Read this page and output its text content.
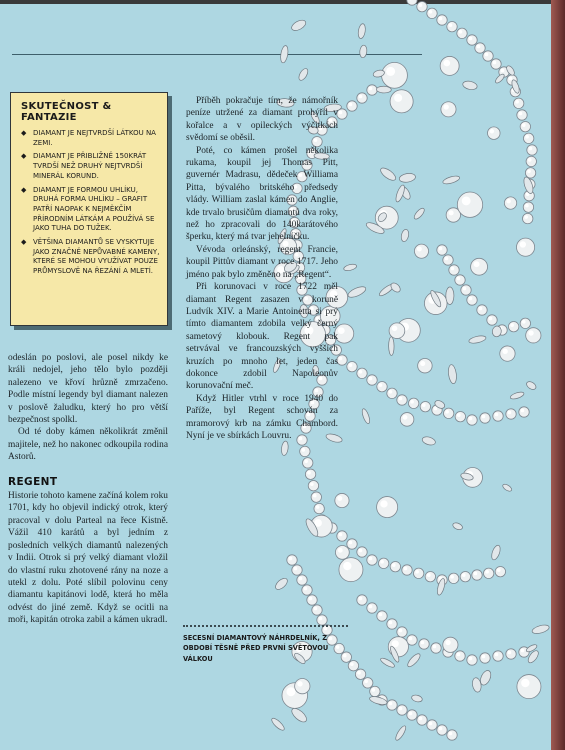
SKUTEČNOST & FANTAZIE
◆ DIAMANT JE NEJTVRDŠÍ LÁTKOU NA ZEMI.
◆ DIAMANT JE PŘIBLIŽNĚ 150KRÁT TVRDŠÍ NEŽ DRUHÝ NEJTVRDŠÍ MINERÁL KORUND.
◆ DIAMANT JE FORMOU UHLÍKU, DRUHÁ FORMA UHLÍKU – GRAFIT PATŘÍ NAOPAK K NEJMĚKČÍM PŘÍRODNÍM LÁTKÁM A POUŽÍVÁ SE JAKO TUHA DO TUŽEK.
◆ VĚTŠINA DIAMANTŮ SE VYSKYTUJE JAKO ZNAČNĚ NEPŮVABNÉ KAMENY, KTERÉ SE MOHOU VYUŽÍVAT POUZE PRŮMYSLOVĚ NA ŘEZÁNÍ A MLETÍ.

odeslán po poslovi, ale posel nikdy ke králi nedojel, jeho tělo bylo později nalezeno ve křoví hrůzně zmrzačeno. Podle místní legendy byl diamant nalezen v poslově žaludku, který ho pro větší bezpečnost spolkl.

Od té doby kámen několikrát změnil majitele, než ho nakonec odkoupila rodina Astorů.

REGENT

Historie tohoto kamene začíná kolem roku 1701, kdy ho objevil indický otrok, který pracoval v dolu Parteal na řece Kistně. Vážil 410 karátů a byl jedním z posledních velkých diamantů nalezených v Indii. Otrok si prý velký diamant vložil do vlastní ruku zhotovené rány na noze a utekl z dolu. Poté slíbil polovinu ceny diamantu kapitánovi lodě, která ho měla odvést do jiné země. Když se ocitli na moři, kapitán otroka zabil a kámen ukradl.

Příběh pokračuje tím, že námořník peníze utržené za diamant prohýřil v kořalce a v opileckých výčitkách svědomí se oběsil.

Poté, co kámen prošel několika rukama, koupil jej Thomas Pitt, guvernér Madrasu, dědeček Williama Pitta, bývalého britského předsedy vlády. William zaslal kámen do Anglie, kde trvalo brusičům diamantů dva roky, než ho zpracovali do 140karátového šperku, který má tvar jehelníčku.

Vévoda orleánský, regent Francie, koupil Pittův diamant v roce 1717. Jeho jméno pak bylo změněno na „Regent“.

Při korunovaci v roce 1722 měl diamant Regent zasazen v koruně Ludvík XIV. a Marie Antoinetta si prý tímto diamantem zdobila velký černý sametový klobouk. Regent pak setrvával ve francouzských vyšších kruzích po mnoho let, jeden čas dokonce zdobil Napoleonův korunovační meč.

Když Hitler vtrhl v roce 1940 do Paříže, byl Regent schován za mramorový krb na zámku Chambord. Nyní je ve sbírkách Louvru.

SECESNÍ DIAMANTOVÝ NÁHRDELNÍK, Z OBDOBÍ TĚSNĚ PŘED PRVNÍ SVĚTOVOU VÁLKOU
